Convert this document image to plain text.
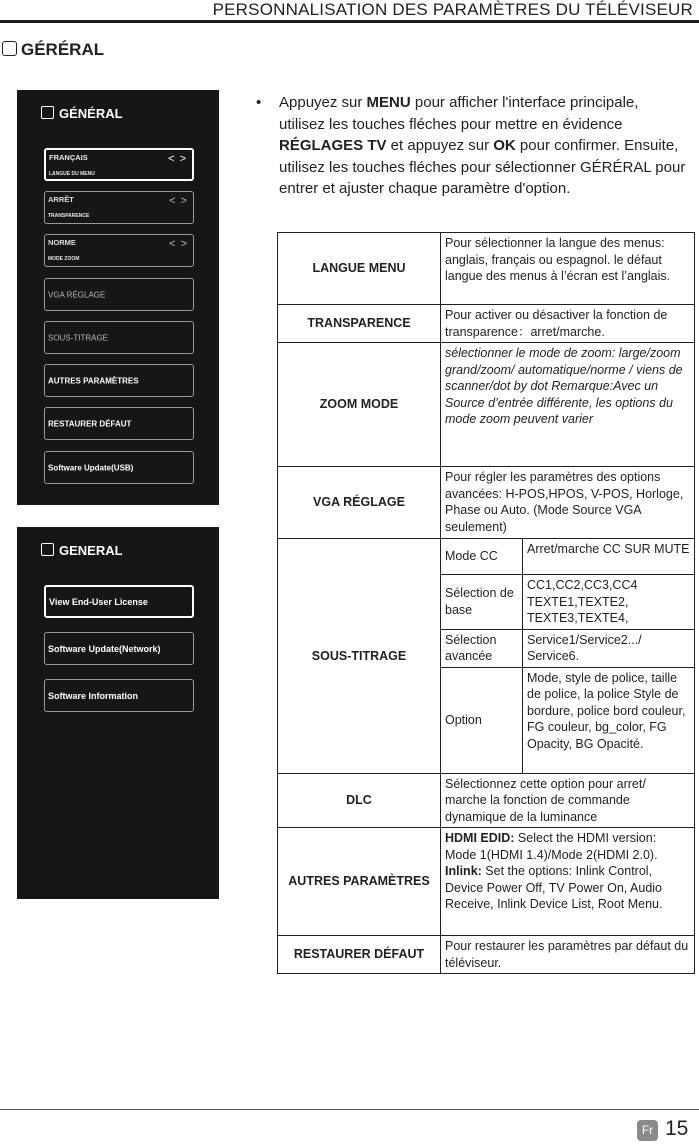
PERSONNALISATION DES PARAMÈTRES DU TÉLÉVISEUR
GÉRÉRAL
GÉNÉRAL
FRANÇAIS	< >
LANGUE DU MENU
ARRÊT	< >
TRANSPARENCE
NORME	< >
MODE ZOOM
VGA RÉGLAGE
SOUS-TITRAGE
AUTRES PARAMÈTRES
RESTAURER DÉFAUT
Software Update(USB)
GENERAL
View End-User License
Software Update(Network)
Software Information
• Appuyez sur MENU pour afficher l'interface principale, utilisez les touches fléches pour mettre en évidence RÉGLAGES TV et appuyez sur OK pour confirmer. Ensuite, utilisez les touches fléches pour sélectionner GÉRÉRAL pour entrer et ajuster chaque paramètre d'option.
LANGUE MENU	Pour sélectionner la langue des menus: anglais, français ou espagnol. le défaut langue des menus à l’écran est l’anglais.	
TRANSPARENCE	Pour activer ou désactiver la fonction de transparence：arret/marche.	
ZOOM MODE	sélectionner le mode de zoom: large/zoom grand/zoom/ automatique/norme / viens de scanner/dot by dot Remarque:Avec un Source d’entrée différente, les options du mode zoom peuvent varier	
VGA RÉGLAGE	Pour régler les paramètres des options avancées: H-POS,HPOS, V-POS, Horloge, Phase ou Auto. (Mode Source VGA seulement)	
SOUS-TITRAGE	Mode CC	Arret/marche CC SUR MUTE
	Sélection de base	CC1,CC2,CC3,CC4 TEXTE1,TEXTE2, TEXTE3,TEXTE4,
	Sélection avancée	Service1/Service2.../ Service6.
	Option	Mode, style de police, taille de police, la police Style de bordure, police bord couleur, FG couleur, bg_color, FG Opacity, BG Opacité.
DLC	Sélectionnez cette option pour arret/ marche la fonction de commande dynamique de la luminance	
AUTRES PARAMÈTRES	HDMI EDID: Select the HDMI version: Mode 1(HDMI 1.4)/Mode 2(HDMI 2.0).
Inlink: Set the options: Inlink Control, Device Power Off, TV Power On, Audio Receive, Inlink Device List, Root Menu.	
RESTAURER DÉFAUT	Pour restaurer les paramètres par défaut du téléviseur.	
Fr 15
